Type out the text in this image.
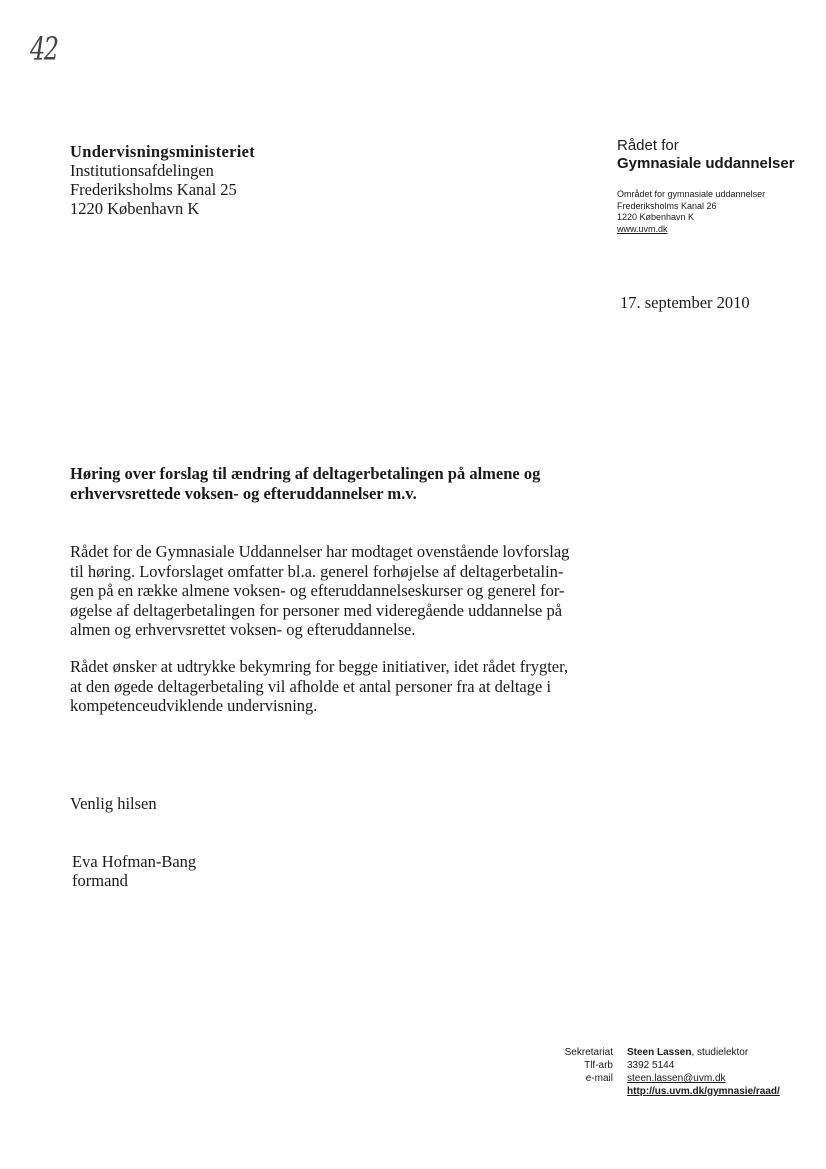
42
Undervisningsministeriet
Institutionsafdelingen
Frederiksholms Kanal 25
1220 København K
Rådet for
Gymnasiale uddannelser
Området for gymnasiale uddannelser
Frederiksholms Kanal 26
1220 København K
www.uvm.dk
17. september 2010
Høring over forslag til ændring af deltagerbetalingen på almene og erhvervsrettede voksen- og efteruddannelser m.v.
Rådet for de Gymnasiale Uddannelser har modtaget ovenstående lovforslag
til høring. Lovforslaget omfatter bl.a. generel forhøjelse af deltagerbetalin-
gen på en række almene voksen- og efteruddannelseskurser og generel for-
øgelse af deltagerbetalingen for personer med videregående uddannelse på
almen og erhvervsrettet voksen- og efteruddannelse.
Rådet ønsker at udtrykke bekymring for begge initiativer, idet rådet frygter,
at den øgede deltagerbetaling vil afholde et antal personer fra at deltage i
kompetenceudviklende undervisning.
Venlig hilsen
Eva Hofman-Bang
formand
Sekretariat
Tlf-arb
e-mail
Steen Lassen, studielektor
3392 5144
steen.lassen@uvm.dk
http://us.uvm.dk/gymnasie/raad/
